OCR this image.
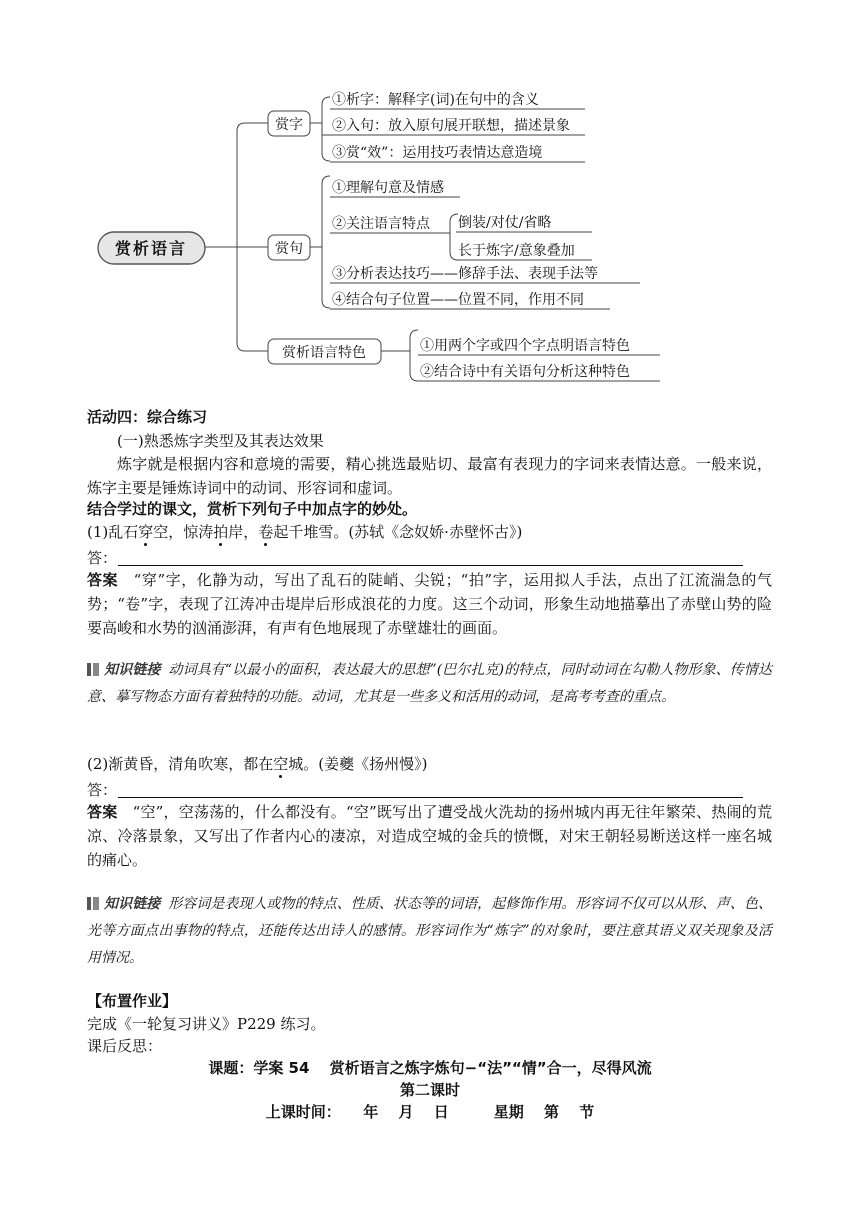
赏析语言
赏字
赏句
赏析语言特色
①析字：解释字(词)在句中的含义
②入句：放入原句展开联想，描述景象
③赏“效”：运用技巧表情达意造境
①理解句意及情感
②关注语言特点 倒装/对仗/省略
长于炼字/意象叠加
③分析表达技巧——修辞手法、表现手法等
④结合句子位置——位置不同，作用不同
①用两个字或四个字点明语言特色
②结合诗中有关语句分析这种特色
活动四：综合练习
(一)熟悉炼字类型及其表达效果
炼字就是根据内容和意境的需要，精心挑选最贴切、最富有表现力的字词来表情达意。一般来说，炼字主要是锤炼诗词中的动词、形容词和虚词。
结合学过的课文，赏析下列句子中加点字的妙处。
(1)乱石穿空，惊涛拍岸，卷起千堆雪。(苏轼《念奴娇·赤壁怀古》)
答：
答案　 “穿”字，化静为动，写出了乱石的陡峭、尖锐；“拍”字，运用拟人手法，点出了江流湍急的气势；“卷”字，表现了江涛冲击堤岸后形成浪花的力度。这三个动词，形象生动地描摹出了赤壁山势的险要高峻和水势的汹涌澎湃，有声有色地展现了赤壁雄壮的画面。
知识链接 动词具有“以最小的面积，表达最大的思想”(巴尔扎克)的特点，同时动词在勾勒人物形象、传情达意、摹写物态方面有着独特的功能。动词，尤其是一些多义和活用的动词，是高考考查的重点。
(2)渐黄昏，清角吹寒，都在空城。(姜夔《扬州慢》)
答：
答案　 “空”，空荡荡的，什么都没有。“空”既写出了遭受战火洗劫的扬州城内再无往年繁荣、热闹的荒凉、冷落景象，又写出了作者内心的凄凉，对造成空城的金兵的愤慨，对宋王朝轻易断送这样一座名城的痛心。
知识链接 形容词是表现人或物的特点、性质、状态等的词语，起修饰作用。形容词不仅可以从形、声、色、光等方面点出事物的特点，还能传达出诗人的感情。形容词作为“炼字”的对象时，要注意其语义双关现象及活用情况。
【布置作业】
完成《一轮复习讲义》P229 练习。
课后反思：
课题：学案 54　 赏析语言之炼字炼句−“法”“情”合一，尽得风流
第二课时
上课时间：　　年　 月　 日　　　星期　 第　 节
